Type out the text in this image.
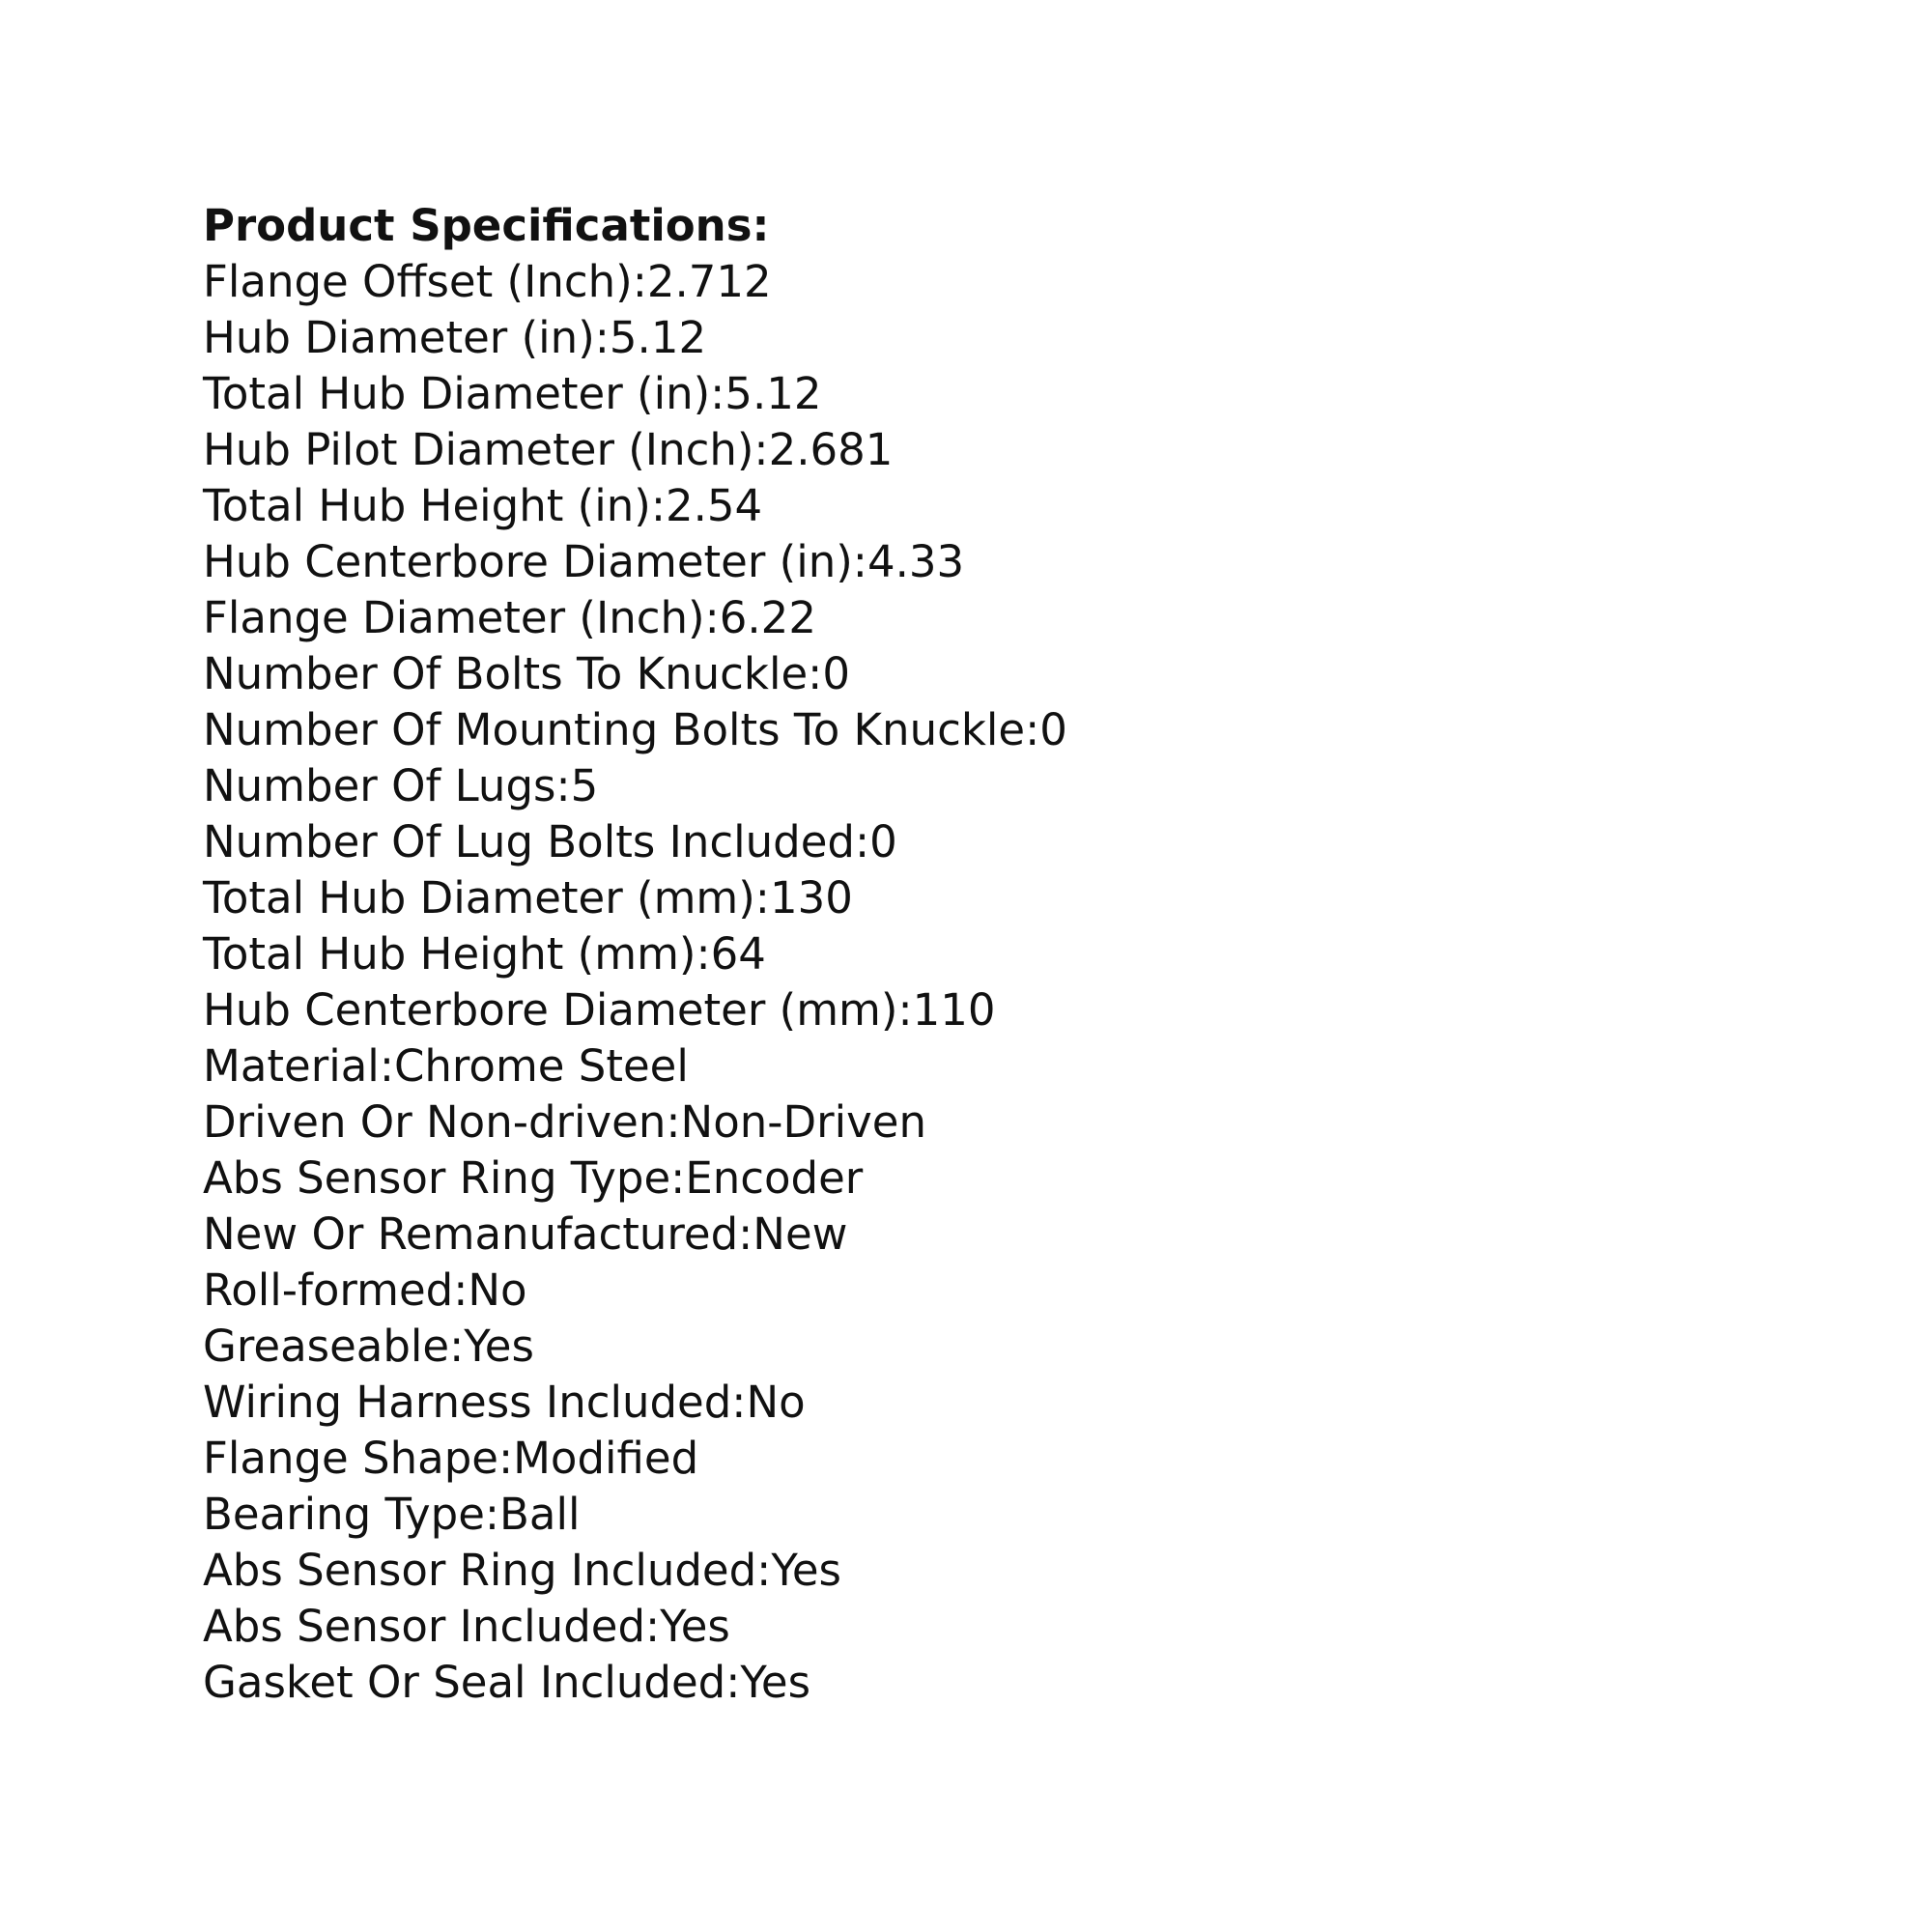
Product Specifications:
Flange Offset (Inch):2.712
Hub Diameter (in):5.12
Total Hub Diameter (in):5.12
Hub Pilot Diameter (Inch):2.681
Total Hub Height (in):2.54
Hub Centerbore Diameter (in):4.33
Flange Diameter (Inch):6.22
Number Of Bolts To Knuckle:0
Number Of Mounting Bolts To Knuckle:0
Number Of Lugs:5
Number Of Lug Bolts Included:0
Total Hub Diameter (mm):130
Total Hub Height (mm):64
Hub Centerbore Diameter (mm):110
Material:Chrome Steel
Driven Or Non-driven:Non-Driven
Abs Sensor Ring Type:Encoder
New Or Remanufactured:New
Roll-formed:No
Greaseable:Yes
Wiring Harness Included:No
Flange Shape:Modified
Bearing Type:Ball
Abs Sensor Ring Included:Yes
Abs Sensor Included:Yes
Gasket Or Seal Included:Yes
